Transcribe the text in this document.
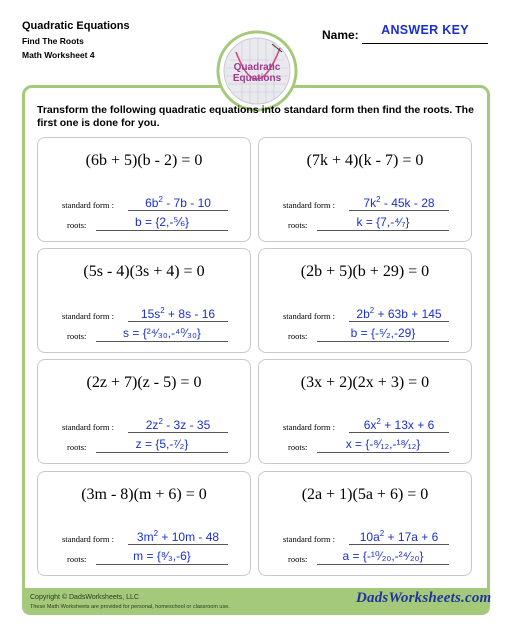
Quadratic Equations
Find The Roots
Math Worksheet 4
Name:	ANSWER KEY
Quadratic
Equations
Transform the following quadratic equations into standard form then find the roots. The first one is done for you.
(6b + 5)(b - 2) = 0
standard form :	$6b^2 - 7b - 10$
roots:	b = {2,-⅚}
(7k + 4)(k - 7) = 0
standard form :	$7k^2 - 45k - 28$
roots:	k = {7,-⁴⁄₇}
(5s - 4)(3s + 4) = 0
standard form :	$15s^2 + 8s - 16$
roots:	s = {²⁴⁄₃₀,-⁴⁰⁄₃₀}
(2b + 5)(b + 29) = 0
standard form :	$2b^2 + 63b + 145$
roots:	b = {-⁵⁄₂,-29}
(2z + 7)(z - 5) = 0
standard form :	$2z^2 - 3z - 35$
roots:	z = {5,-⁷⁄₂}
(3x + 2)(2x + 3) = 0
standard form :	$6x^2 + 13x + 6$
roots:	x = {-⁸⁄₁₂,-¹⁸⁄₁₂}
(3m - 8)(m + 6) = 0
standard form :	$3m^2 + 10m - 48$
roots:	m = {⁸⁄₃,-6}
(2a + 1)(5a + 6) = 0
standard form :	$10a^2 + 17a + 6$
roots:	a = {-¹⁰⁄₂₀,-²⁴⁄₂₀}
Copyright © DadsWorksheets, LLC
These Math Worksheets are provided for personal, homeschool or classroom use.
DadsWorksheets.com
